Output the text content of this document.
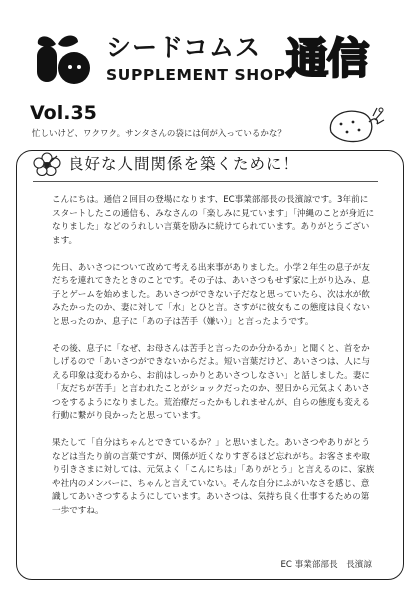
シードコムス
SUPPLEMENT SHOP 通信
Vol.35
忙しいけど、ワクワク。サンタさんの袋には何が入っているかな？
良好な人間関係を築くために！

こんにちは。通信２回目の登場になります、EC事業部部長の長濱諒です。3年前にスタートしたこの通信も、みなさんの「楽しみに見ています」「沖縄のことが身近になりました」などのうれしい言葉を励みに続けてられています。ありがとうございます。

先日、あいさつについて改めて考える出来事がありました。小学２年生の息子が友だちを連れてきたときのことです。その子は、あいさつもせず家に上がり込み、息子とゲームを始めました。あいさつができない子だなと思っていたら、次は水が飲みたかったのか、妻に対して「水」とひと言。さすがに彼女もこの態度は良くないと思ったのか、息子に「あの子は苦手（嫌い）」と言ったようです。

その後、息子に「なぜ、お母さんは苦手と言ったのか分かるか」と聞くと、首をかしげるので「あいさつができないからだよ。短い言葉だけど、あいさつは、人に与える印象は変わるから、お前はしっかりとあいさつしなさい」と話しました。妻に「友だちが苦手」と言われたことがショックだったのか、翌日から元気よくあいさつをするようになりました。荒治療だったかもしれませんが、自らの態度も変える行動に繋がり良かったと思っています。

果たして「自分はちゃんとできているか？」と思いました。あいさつやありがとうなどは当たり前の言葉ですが、関係が近くなりすぎるほど忘れがち。お客さまや取り引きさまに対しては、元気よく「こんにちは」「ありがとう」と言えるのに、家族や社内のメンバーに、ちゃんと言えていない。そんな自分にふがいなさを感じ、意識してあいさつするようにしています。あいさつは、気持ち良く仕事するための第一歩ですね。

EC 事業部部長　長濱諒
